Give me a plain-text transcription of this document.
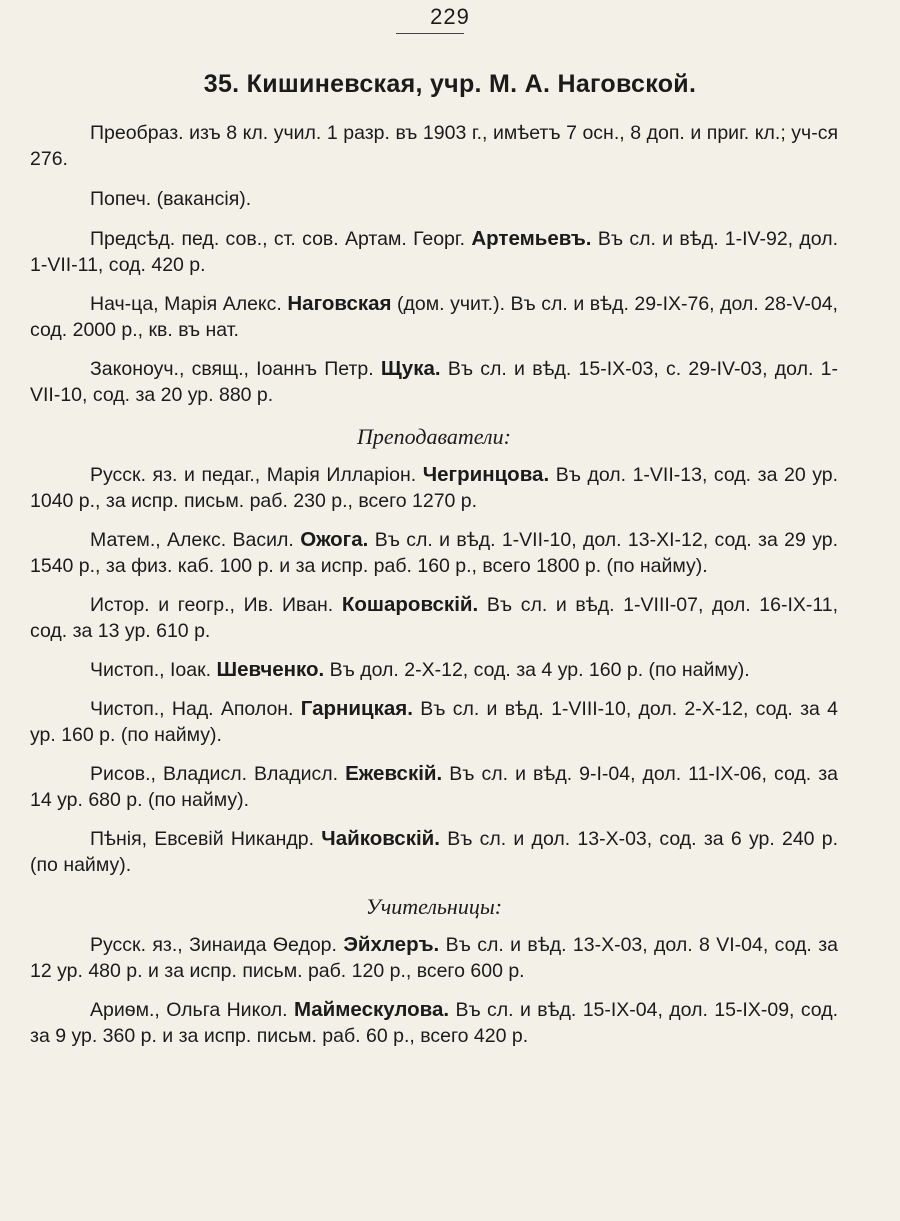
229
35. Кишиневская, учр. М. А. Наговской.

Преобраз. изъ 8 кл. учил. 1 разр. въ 1903 г., имѣетъ 7 осн., 8 доп. и приг. кл.; уч-ся 276.

Попеч. (вакансія).

Предсѣд. пед. сов., ст. сов. Артам. Георг. Артемьевъ. Въ сл. и вѣд. 1-IV-92, дол. 1-VII-11, сод. 420 р.

Нач-ца, Марія Алекс. Наговская (дом. учит.). Въ сл. и вѣд. 29-IX-76, дол. 28-V-04, сод. 2000 р., кв. въ нат.

Законоуч., свящ., Іоаннъ Петр. Щука. Въ сл. и вѣд. 15-IX-03, с. 29-IV-03, дол. 1-VII-10, сод. за 20 ур. 880 р.

Преподаватели:

Русск. яз. и педаг., Марія Илларіон. Чегринцова. Въ дол. 1-VII-13, сод. за 20 ур. 1040 р., за испр. письм. раб. 230 р., всего 1270 р.

Матем., Алекс. Васил. Ожога. Въ сл. и вѣд. 1-VII-10, дол. 13-XI-12, сод. за 29 ур. 1540 р., за физ. каб. 100 р. и за испр. раб. 160 р., всего 1800 р. (по найму).

Истор. и геогр., Ив. Иван. Кошаровскій. Въ сл. и вѣд. 1-VIII-07, дол. 16-IX-11, сод. за 13 ур. 610 р.

Чистоп., Іоак. Шевченко. Въ дол. 2-X-12, сод. за 4 ур. 160 р. (по найму).

Чистоп., Над. Аполон. Гарницкая. Въ сл. и вѣд. 1-VIII-10, дол. 2-X-12, сод. за 4 ур. 160 р. (по найму).

Рисов., Владисл. Владисл. Ежевскій. Въ сл. и вѣд. 9-I-04, дол. 11-IX-06, сод. за 14 ур. 680 р. (по найму).

Пѣнія, Евсевій Никандр. Чайковскій. Въ сл. и дол. 13-X-03, сод. за 6 ур. 240 р. (по найму).

Учительницы:

Русск. яз., Зинаида Ѳедор. Эйхлеръ. Въ сл. и вѣд. 13-X-03, дол. 8 VI-04, сод. за 12 ур. 480 р. и за испр. письм. раб. 120 р., всего 600 р.

Ариѳм., Ольга Никол. Маймескулова. Въ сл. и вѣд. 15-IX-04, дол. 15-IX-09, сод. за 9 ур. 360 р. и за испр. письм. раб. 60 р., всего 420 р.
